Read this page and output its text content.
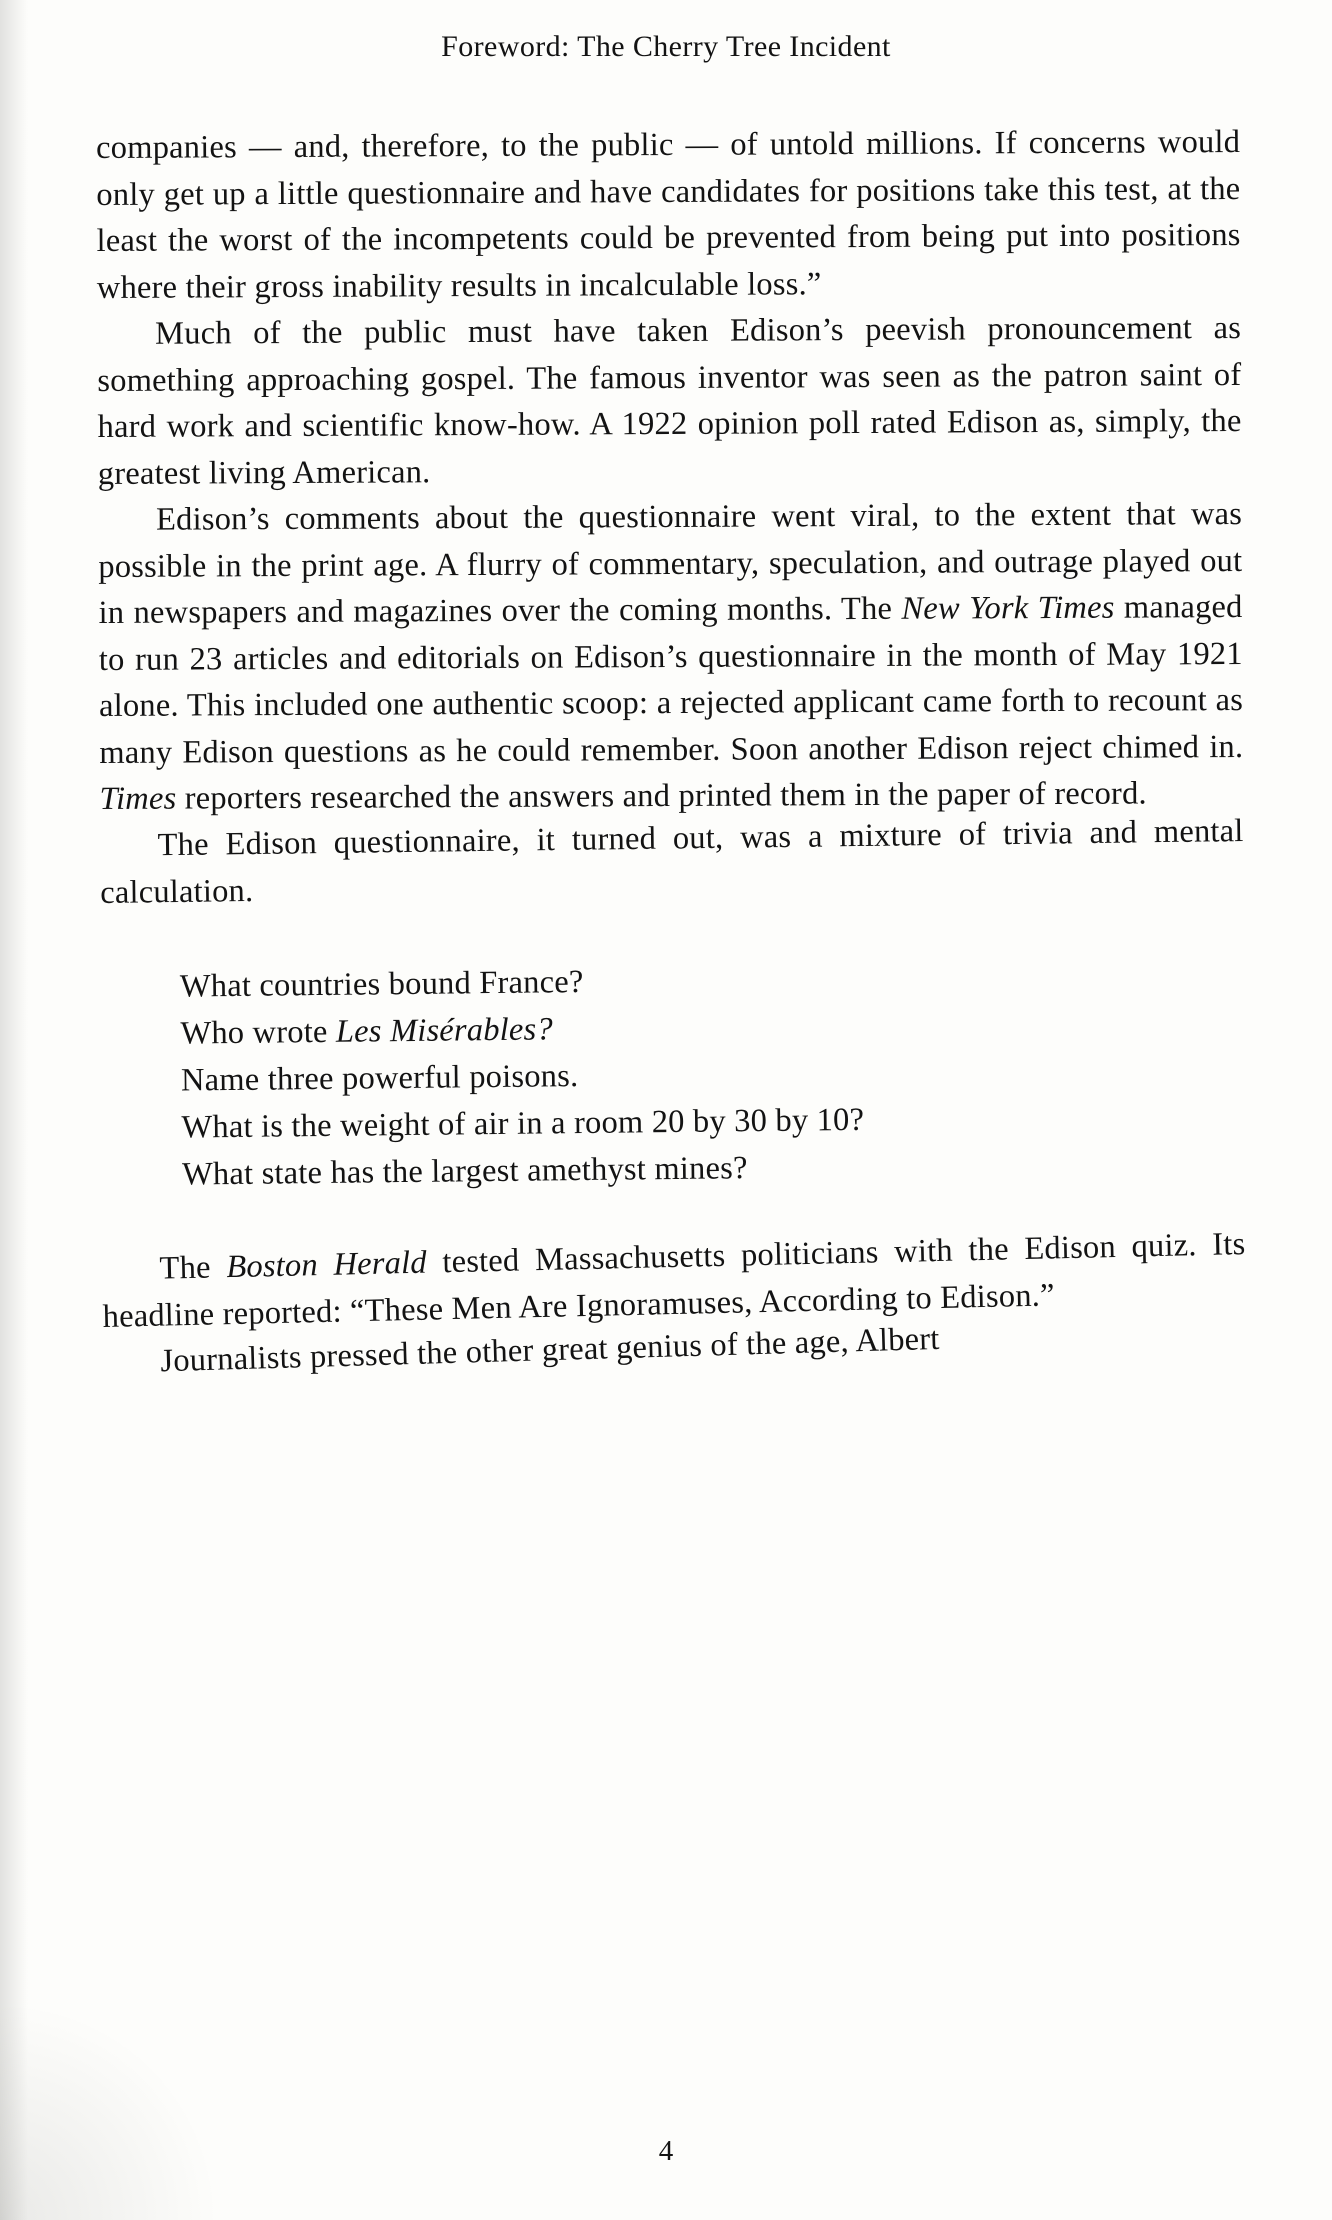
Foreword: The Cherry Tree Incident

companies — and, therefore, to the public — of untold millions. If concerns would only get up a little questionnaire and have candidates for positions take this test, at the least the worst of the incompetents could be prevented from being put into positions where their gross inability results in incalculable loss.”

Much of the public must have taken Edison’s peevish pronouncement as something approaching gospel. The famous inventor was seen as the patron saint of hard work and scientific know-how. A 1922 opinion poll rated Edison as, simply, the greatest living American.

Edison’s comments about the questionnaire went viral, to the extent that was possible in the print age. A flurry of commentary, speculation, and outrage played out in newspapers and magazines over the coming months. The New York Times managed to run 23 articles and editorials on Edison’s questionnaire in the month of May 1921 alone. This included one authentic scoop: a rejected applicant came forth to recount as many Edison questions as he could remember. Soon another Edison reject chimed in. Times reporters researched the answers and printed them in the paper of record.

The Edison questionnaire, it turned out, was a mixture of trivia and mental calculation.

What countries bound France?
Who wrote Les Misérables?
Name three powerful poisons.
What is the weight of air in a room 20 by 30 by 10?
What state has the largest amethyst mines?

The Boston Herald tested Massachusetts politicians with the Edison quiz. Its headline reported: “These Men Are Ignoramuses, According to Edison.”

Journalists pressed the other great genius of the age, Albert

4
